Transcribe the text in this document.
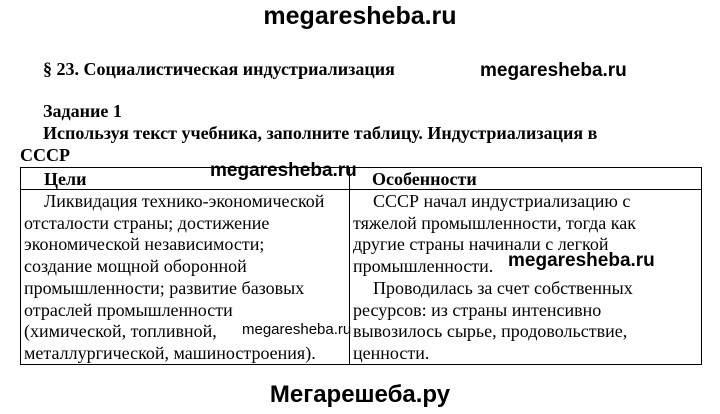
megaresheba.ru
§ 23. Социалистическая индустриализация	megaresheba.ru
Задание 1
Используя текст учебника, заполните таблицу. Индустриализация в
СССР
Цели	Особенности
Ликвидация технико-экономической
отсталости страны; достижение
экономической независимости;
создание мощной оборонной
промышленности; развитие базовых
отраслей промышленности
(химической, топливной,
металлургической, машиностроения).
СССР начал индустриализацию с
тяжелой промышленности, тогда как
другие страны начинали с легкой
промышленности.
Проводилась за счет собственных
ресурсов: из страны интенсивно
вывозилось сырье, продовольствие,
ценности.
megaresheba.ru
megaresheba.ru
megaresheba.ru
Мегарешеба.ру
